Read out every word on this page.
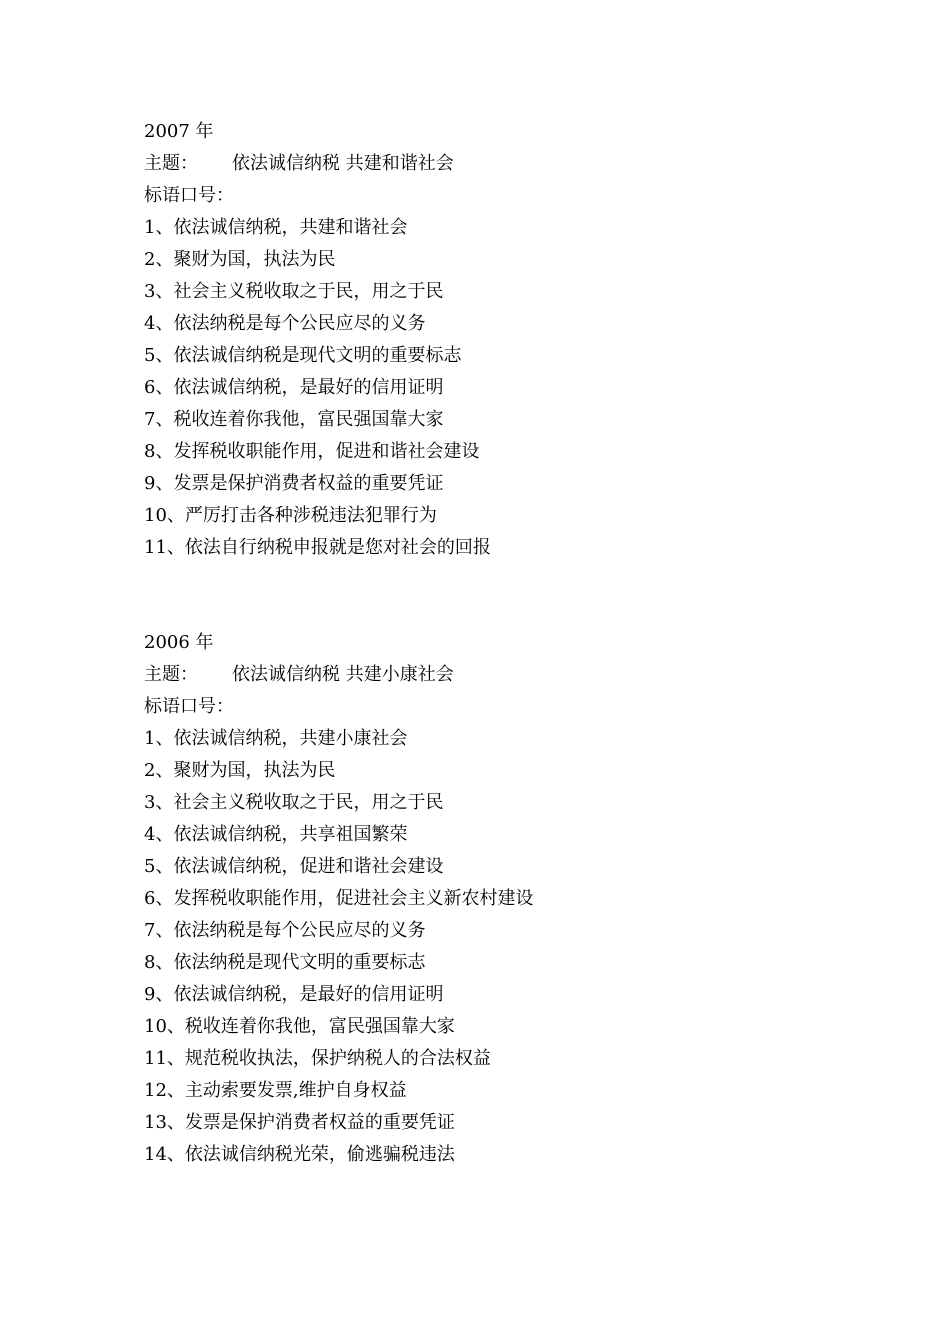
2007 年
主题： 依法诚信纳税 共建和谐社会
标语口号：
1、依法诚信纳税，共建和谐社会
2、聚财为国，执法为民
3、社会主义税收取之于民，用之于民
4、依法纳税是每个公民应尽的义务
5、依法诚信纳税是现代文明的重要标志
6、依法诚信纳税，是最好的信用证明
7、税收连着你我他，富民强国靠大家
8、发挥税收职能作用，促进和谐社会建设
9、发票是保护消费者权益的重要凭证
10、严厉打击各种涉税违法犯罪行为
11、依法自行纳税申报就是您对社会的回报
2006 年
主题： 依法诚信纳税 共建小康社会
标语口号：
1、依法诚信纳税，共建小康社会
2、聚财为国，执法为民
3、社会主义税收取之于民，用之于民
4、依法诚信纳税，共享祖国繁荣
5、依法诚信纳税，促进和谐社会建设
6、发挥税收职能作用，促进社会主义新农村建设
7、依法纳税是每个公民应尽的义务
8、依法纳税是现代文明的重要标志
9、依法诚信纳税，是最好的信用证明
10、税收连着你我他，富民强国靠大家
11、规范税收执法，保护纳税人的合法权益
12、主动索要发票,维护自身权益
13、发票是保护消费者权益的重要凭证
14、依法诚信纳税光荣，偷逃骗税违法
